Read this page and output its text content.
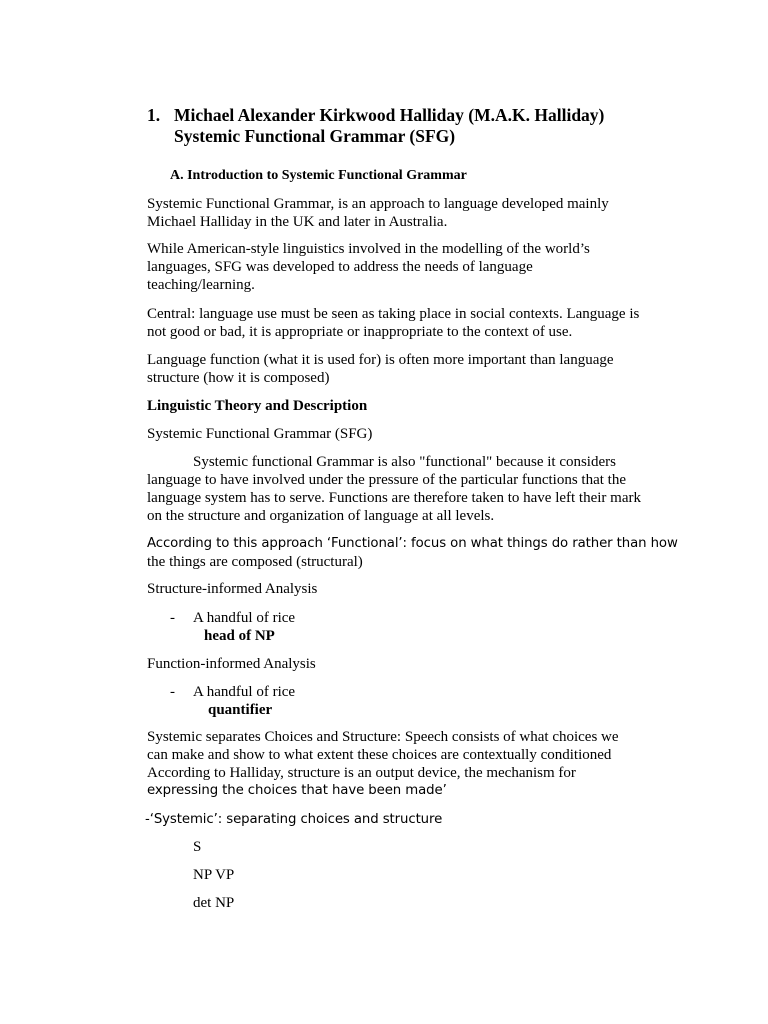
1. Michael Alexander Kirkwood Halliday (M.A.K. Halliday)
Systemic Functional Grammar (SFG)
A. Introduction to Systemic Functional Grammar
Systemic Functional Grammar, is an approach to language developed mainly
Michael Halliday in the UK and later in Australia.
While American-style linguistics involved in the modelling of the world’s
languages, SFG was developed to address the needs of language
teaching/learning.
Central: language use must be seen as taking place in social contexts. Language is
not good or bad, it is appropriate or inappropriate to the context of use.
Language function (what it is used for) is often more important than language
structure (how it is composed)
Linguistic Theory and Description
Systemic Functional Grammar (SFG)
Systemic functional Grammar is also "functional" because it considers
language to have involved under the pressure of the particular functions that the
language system has to serve. Functions are therefore taken to have left their mark
on the structure and organization of language at all levels.
According to this approach ‘Functional’: focus on what things do rather than how
the things are composed (structural)
Structure-informed Analysis
- A handful of rice
head of NP
Function-informed Analysis
- A handful of rice
quantifier
Systemic separates Choices and Structure: Speech consists of what choices we
can make and show to what extent these choices are contextually conditioned
According to Halliday, structure is an output device, the mechanism for
expressing the choices that have been made’
-‘Systemic’: separating choices and structure
S
NP VP
det NP
